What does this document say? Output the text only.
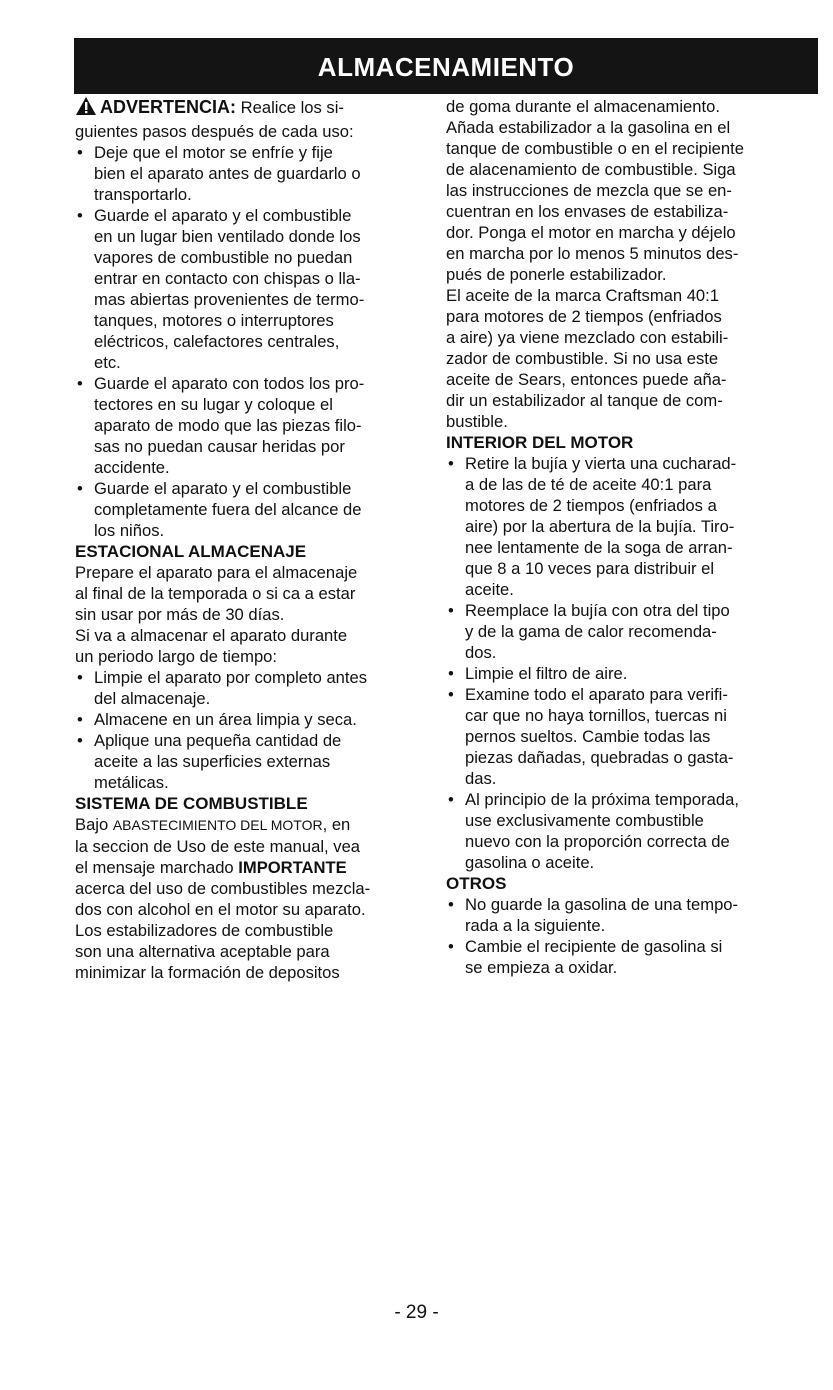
ALMACENAMIENTO

ADVERTENCIA: Realice los si-

guientes pasos después de cada uso:

• Deje que el motor se enfríe y fije
bien el aparato antes de guardarlo o
transportarlo.
• Guarde el aparato y el combustible
en un lugar bien ventilado donde los
vapores de combustible no puedan
entrar en contacto con chispas o lla-
mas abiertas provenientes de termo-
tanques, motores o interruptores
eléctricos, calefactores centrales,
etc.
• Guarde el aparato con todos los pro-
tectores en su lugar y coloque el
aparato de modo que las piezas filo-
sas no puedan causar heridas por
accidente.
• Guarde el aparato y el combustible
completamente fuera del alcance de
los niños.

ESTACIONAL ALMACENAJE

Prepare el aparato para el almacenaje
al final de la temporada o si ca a estar
sin usar por más de 30 días.
Si va a almacenar el aparato durante
un periodo largo de tiempo:
• Limpie el aparato por completo antes
del almacenaje.
• Almacene en un área limpia y seca.
• Aplique una pequeña cantidad de
aceite a las superficies externas
metálicas.

SISTEMA DE COMBUSTIBLE

Bajo ABASTECIMIENTO DEL MOTOR, en

la seccion de Uso de este manual, vea

el mensaje marchado IMPORTANTE

acerca del uso de combustibles mezcla-
dos con alcohol en el motor su aparato.
Los estabilizadores de combustible
son una alternativa aceptable para
minimizar la formación de depositos
de goma durante el almacenamiento.
Añada estabilizador a la gasolina en el
tanque de combustible o en el recipiente
de alacenamiento de combustible. Siga
las instrucciones de mezcla que se en-
cuentran en los envases de estabiliza-
dor. Ponga el motor en marcha y déjelo
en marcha por lo menos 5 minutos des-
pués de ponerle estabilizador.
El aceite de la marca Craftsman 40:1
para motores de 2 tiempos (enfriados
a aire) ya viene mezclado con estabili-
zador de combustible. Si no usa este
aceite de Sears, entonces puede aña-
dir un estabilizador al tanque de com-
bustible.

INTERIOR DEL MOTOR

• Retire la bujía y vierta una cucharad-
a de las de té de aceite 40:1 para
motores de 2 tiempos (enfriados a
aire) por la abertura de la bujía. Tiro-
nee lentamente de la soga de arran-
que 8 a 10 veces para distribuir el
aceite.
• Reemplace la bujía con otra del tipo
y de la gama de calor recomenda-
dos.
• Limpie el filtro de aire.
• Examine todo el aparato para verifi-
car que no haya tornillos, tuercas ni
pernos sueltos. Cambie todas las
piezas dañadas, quebradas o gasta-
das.
• Al principio de la próxima temporada,
use exclusivamente combustible
nuevo con la proporción correcta de
gasolina o aceite.

OTROS

• No guarde la gasolina de una tempo-
rada a la siguiente.
• Cambie el recipiente de gasolina si
se empieza a oxidar.
- 29 -
